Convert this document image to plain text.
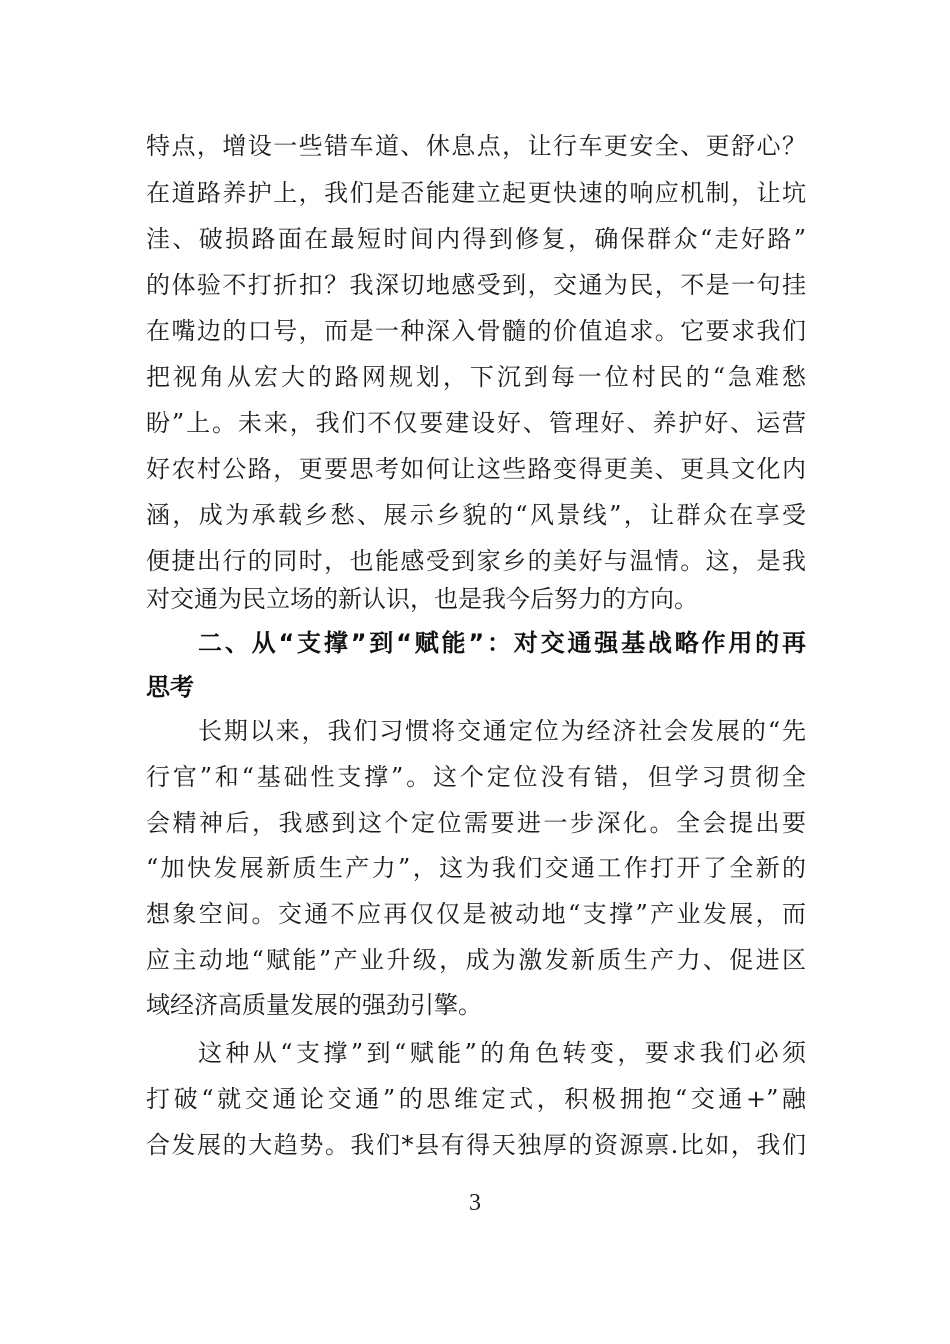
特点，增设一些错车道、休息点，让行车更安全、更舒心？
在道路养护上，我们是否能建立起更快速的响应机制，让坑
洼、破损路面在最短时间内得到修复，确保群众“走好路”
的体验不打折扣？我深切地感受到，交通为民，不是一句挂
在嘴边的口号，而是一种深入骨髓的价值追求。它要求我们
把视角从宏大的路网规划，下沉到每一位村民的“急难愁
盼”上。未来，我们不仅要建设好、管理好、养护好、运营
好农村公路，更要思考如何让这些路变得更美、更具文化内
涵，成为承载乡愁、展示乡貌的“风景线”，让群众在享受
便捷出行的同时，也能感受到家乡的美好与温情。这，是我
对交通为民立场的新认识，也是我今后努力的方向。
二、从“支撑”到“赋能”：对交通强基战略作用的再
思考
长期以来，我们习惯将交通定位为经济社会发展的“先
行官”和“基础性支撑”。这个定位没有错，但学习贯彻全
会精神后，我感到这个定位需要进一步深化。全会提出要
“加快发展新质生产力”，这为我们交通工作打开了全新的
想象空间。交通不应再仅仅是被动地“支撑”产业发展，而
应主动地“赋能”产业升级，成为激发新质生产力、促进区
域经济高质量发展的强劲引擎。
这种从“支撑”到“赋能”的角色转变，要求我们必须
打破“就交通论交通”的思维定式，积极拥抱“交通+”融
合发展的大趋势。我们*县有得天独厚的资源禀.比如，我们
3
